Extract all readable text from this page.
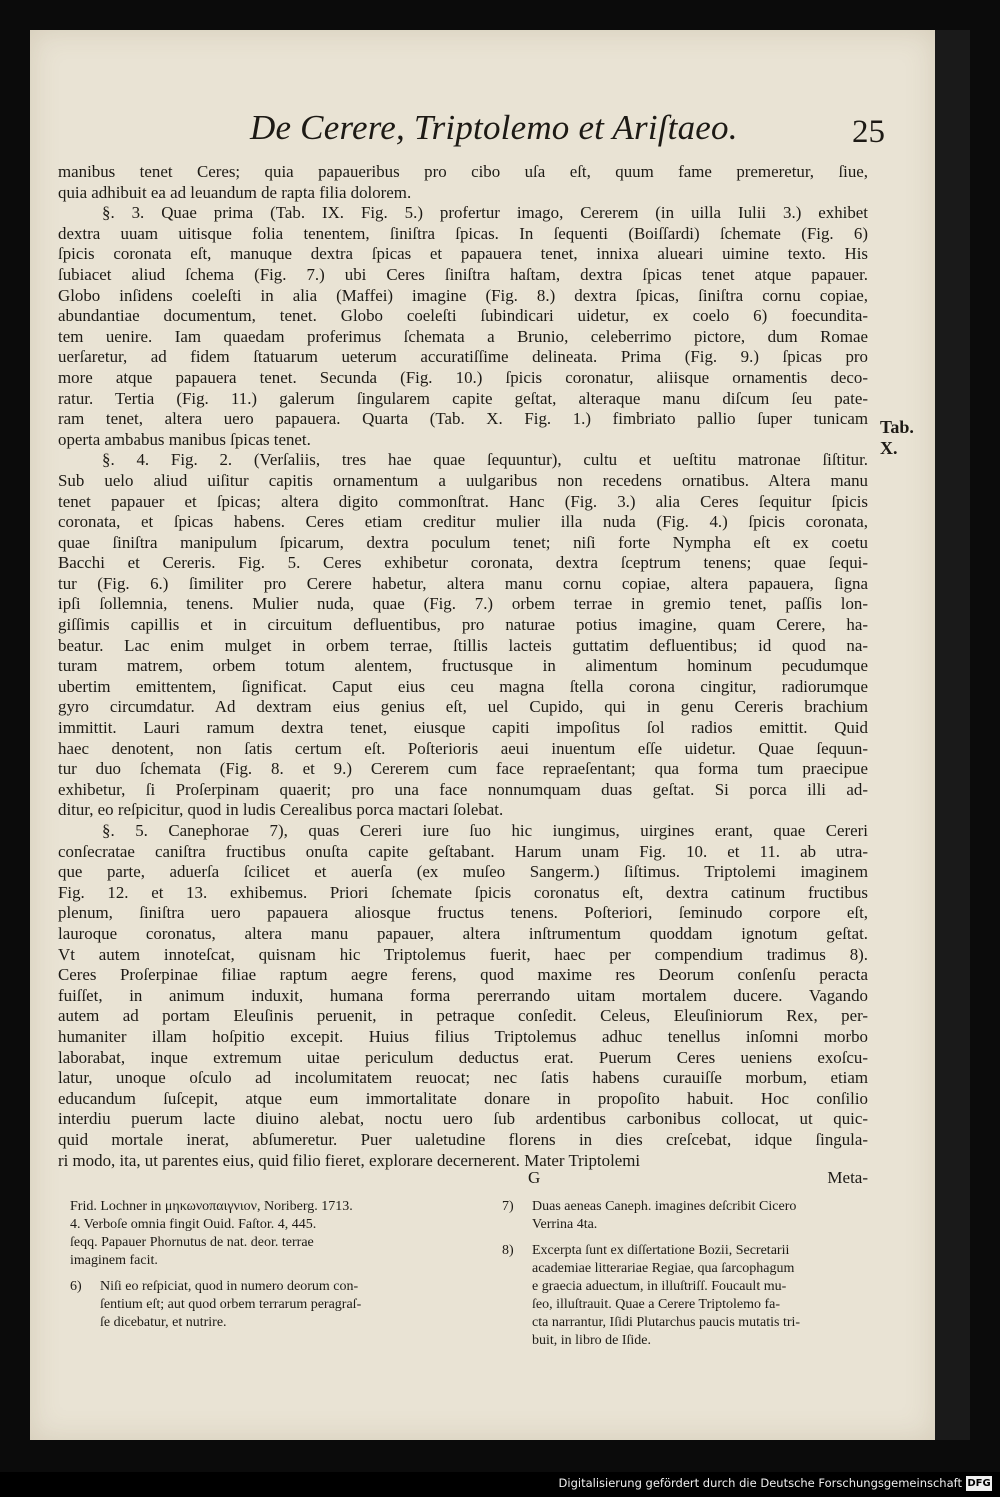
De Cerere, Triptolemo et Ariſtaeo.	25
manibus tenet Ceres; quia papaueribus pro cibo uſa eſt, quum fame premeretur, ſiue,
quia adhibuit ea ad leuandum de rapta filia dolorem.
§. 3. Quae prima (Tab. IX. Fig. 5.) profertur imago, Cererem (in uilla Iulii 3.) exhibet
dextra uuam uitisque folia tenentem, ſiniſtra ſpicas. In ſequenti (Boiſſardi) ſchemate (Fig. 6)
ſpicis coronata eſt, manuque dextra ſpicas et papauera tenet, innixa alueari uimine texto. His
ſubiacet aliud ſchema (Fig. 7.) ubi Ceres ſiniſtra haſtam, dextra ſpicas tenet atque papauer.
Globo inſidens coeleſti in alia (Maffei) imagine (Fig. 8.) dextra ſpicas, ſiniſtra cornu copiae,
abundantiae documentum, tenet. Globo coeleſti ſubindicari uidetur, ex coelo 6) foecundita-
tem uenire. Iam quaedam proferimus ſchemata a Brunio, celeberrimo pictore, dum Romae
uerſaretur, ad fidem ſtatuarum ueterum accuratiſſime delineata. Prima (Fig. 9.) ſpicas pro
more atque papauera tenet. Secunda (Fig. 10.) ſpicis coronatur, aliisque ornamentis deco-
ratur. Tertia (Fig. 11.) galerum ſingularem capite geſtat, alteraque manu diſcum ſeu pate-
ram tenet, altera uero papauera. Quarta (Tab. X. Fig. 1.) fimbriato pallio ſuper tunicam
operta ambabus manibus ſpicas tenet.
§. 4. Fig. 2. (Verſaliis, tres hae quae ſequuntur), cultu et ueſtitu matronae ſiſtitur.
Sub uelo aliud uiſitur capitis ornamentum a uulgaribus non recedens ornatibus. Altera manu
tenet papauer et ſpicas; altera digito commonſtrat. Hanc (Fig. 3.) alia Ceres ſequitur ſpicis
coronata, et ſpicas habens. Ceres etiam creditur mulier illa nuda (Fig. 4.) ſpicis coronata,
quae ſiniſtra manipulum ſpicarum, dextra poculum tenet; niſi forte Nympha eſt ex coetu
Bacchi et Cereris. Fig. 5. Ceres exhibetur coronata, dextra ſceptrum tenens; quae ſequi-
tur (Fig. 6.) ſimiliter pro Cerere habetur, altera manu cornu copiae, altera papauera, ſigna
ipſi ſollemnia, tenens. Mulier nuda, quae (Fig. 7.) orbem terrae in gremio tenet, paſſis lon-
giſſimis capillis et in circuitum defluentibus, pro naturae potius imagine, quam Cerere, ha-
beatur. Lac enim mulget in orbem terrae, ſtillis lacteis guttatim defluentibus; id quod na-
turam matrem, orbem totum alentem, fructusque in alimentum hominum pecudumque
ubertim emittentem, ſignificat. Caput eius ceu magna ſtella corona cingitur, radiorumque
gyro circumdatur. Ad dextram eius genius eſt, uel Cupido, qui in genu Cereris brachium
immittit. Lauri ramum dextra tenet, eiusque capiti impoſitus ſol radios emittit. Quid
haec denotent, non ſatis certum eſt. Poſterioris aeui inuentum eſſe uidetur. Quae ſequun-
tur duo ſchemata (Fig. 8. et 9.) Cererem cum face repraeſentant; qua forma tum praecipue
exhibetur, ſi Proſerpinam quaerit; pro una face nonnumquam duas geſtat. Si porca illi ad-
ditur, eo reſpicitur, quod in ludis Cerealibus porca mactari ſolebat.
§. 5. Canephorae 7), quas Cereri iure ſuo hic iungimus, uirgines erant, quae Cereri
conſecratae caniſtra fructibus onuſta capite geſtabant. Harum unam Fig. 10. et 11. ab utra-
que parte, aduerſa ſcilicet et auerſa (ex muſeo Sangerm.) ſiſtimus. Triptolemi imaginem
Fig. 12. et 13. exhibemus. Priori ſchemate ſpicis coronatus eſt, dextra catinum fructibus
plenum, ſiniſtra uero papauera aliosque fructus tenens. Poſteriori, ſeminudo corpore eſt,
lauroque coronatus, altera manu papauer, altera inſtrumentum quoddam ignotum geſtat.
Vt autem innoteſcat, quisnam hic Triptolemus fuerit, haec per compendium tradimus 8).
Ceres Proſerpinae filiae raptum aegre ferens, quod maxime res Deorum conſenſu peracta
fuiſſet, in animum induxit, humana forma pererrando uitam mortalem ducere. Vagando
autem ad portam Eleuſinis peruenit, in petraque conſedit. Celeus, Eleuſiniorum Rex, per-
humaniter illam hoſpitio excepit. Huius filius Triptolemus adhuc tenellus inſomni morbo
laborabat, inque extremum uitae periculum deductus erat. Puerum Ceres ueniens exoſcu-
latur, unoque oſculo ad incolumitatem reuocat; nec ſatis habens curauiſſe morbum, etiam
educandum ſuſcepit, atque eum immortalitate donare in propoſito habuit. Hoc conſilio
interdiu puerum lacte diuino alebat, noctu uero ſub ardentibus carbonibus collocat, ut quic-
quid mortale inerat, abſumeretur. Puer ualetudine florens in dies creſcebat, idque ſingula-
ri modo, ita, ut parentes eius, quid filio fieret, explorare decernerent. Mater Triptolemi
Tab. X.
G	Meta-
Frid. Lochner in μηκωνοπαιγνιον, Noriberg. 1713.
4. Verboſe omnia fingit Ouid. Faſtor. 4, 445.
ſeqq. Papauer Phornutus de nat. deor. terrae
imaginem facit.
6) Niſi eo reſpiciat, quod in numero deorum con-
ſentium eſt; aut quod orbem terrarum peragraſ-
ſe dicebatur, et nutrire.
7) Duas aeneas Caneph. imagines deſcribit Cicero
Verrina 4ta.
8) Excerpta ſunt ex diſſertatione Bozii, Secretarii
academiae litterariae Regiae, qua ſarcophagum
e graecia aduectum, in illuſtriſſ. Foucault mu-
ſeo, illuſtrauit. Quae a Cerere Triptolemo fa-
cta narrantur, Iſidi Plutarchus paucis mutatis tri-
buit, in libro de Iſide.
Digitalisierung gefördert durch die Deutsche Forschungsgemeinschaft DFG
